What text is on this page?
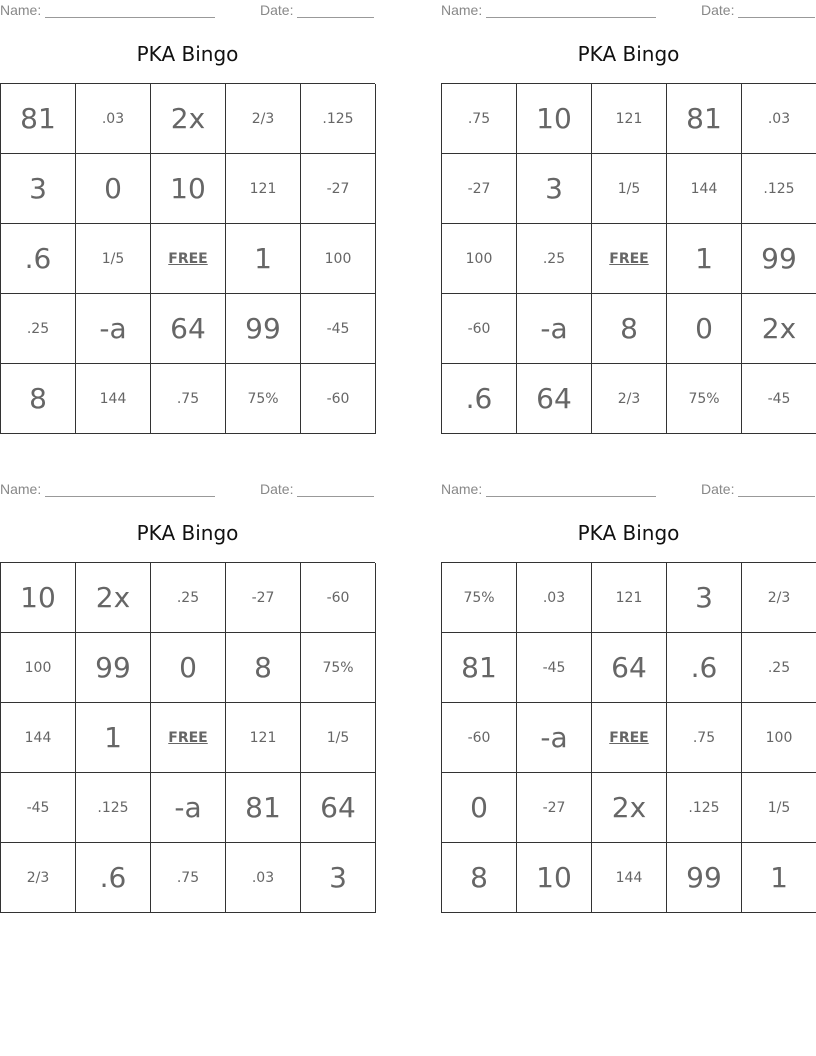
Name:	Date:
PKA Bingo
81	.03	2x	2/3	.125
3	0	10	121	-27
.6	1/5	FREE	1	100
.25	-a	64	99	-45
8	144	.75	75%	-60
Name:	Date:
PKA Bingo
.75	10	121	81	.03
-27	3	1/5	144	.125
100	.25	FREE	1	99
-60	-a	8	0	2x
.6	64	2/3	75%	-45
Name:	Date:
PKA Bingo
10	2x	.25	-27	-60
100	99	0	8	75%
144	1	FREE	121	1/5
-45	.125	-a	81	64
2/3	.6	.75	.03	3
Name:	Date:
PKA Bingo
75%	.03	121	3	2/3
81	-45	64	.6	.25
-60	-a	FREE	.75	100
0	-27	2x	.125	1/5
8	10	144	99	1
